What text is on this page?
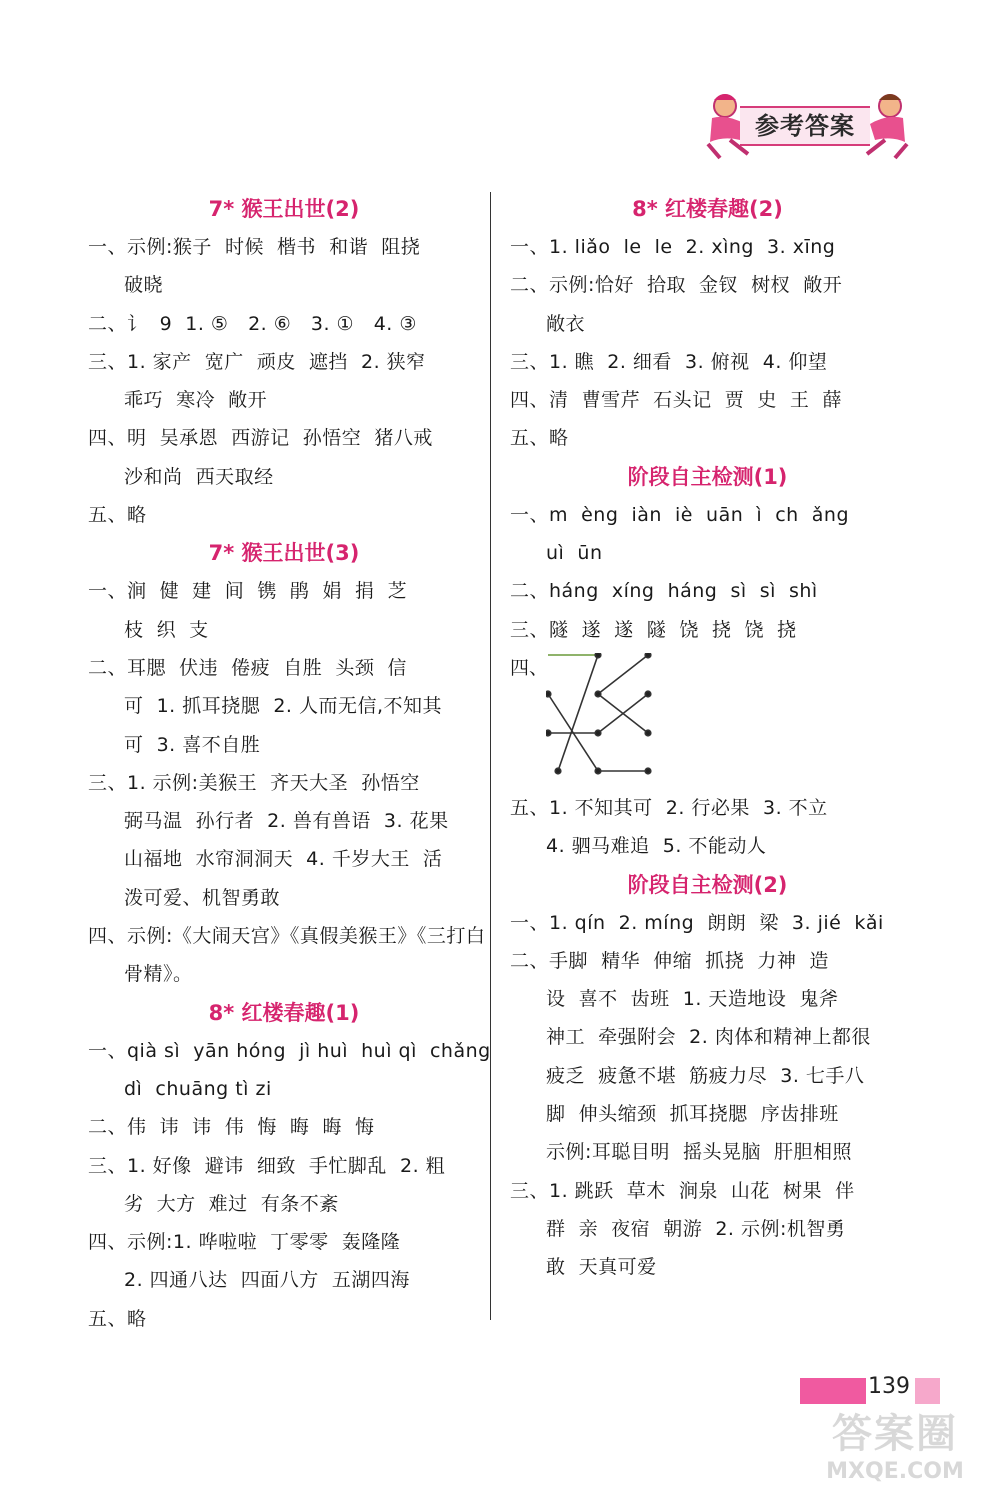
参考答案
7* 猴王出世(2)
一、示例:猴子  时候  楷书  和谐  阻挠
破晓
二、讠  9  1. ⑤   2. ⑥   3. ①   4. ③
三、1. 家产  宽广  顽皮  遮挡  2. 狭窄
乖巧  寒冷  敞开
四、明  吴承恩  西游记  孙悟空  猪八戒
沙和尚  西天取经
五、略
7* 猴王出世(3)
一、涧  健  建  间  镌  鹃  娟  捐  芝
枝  织  支
二、耳腮  伏违  倦疲  自胜  头颈  信
可  1. 抓耳挠腮  2. 人而无信,不知其
可  3. 喜不自胜
三、1. 示例:美猴王  齐天大圣  孙悟空
弼马温  孙行者  2. 兽有兽语  3. 花果
山福地  水帘洞洞天  4. 千岁大王  活
泼可爱、机智勇敢
四、示例:《大闹天宫》《真假美猴王》《三打白
骨精》。
8* 红楼春趣(1)
一、qià sì  yān hóng  jì huì  huì qì  chǎng
dì  chuāng tì zi
二、伟  讳  讳  伟  悔  晦  晦  悔
三、1. 好像  避讳  细致  手忙脚乱  2. 粗
劣  大方  难过  有条不紊
四、示例:1. 哗啦啦  丁零零  轰隆隆
2. 四通八达  四面八方  五湖四海
五、略
8* 红楼春趣(2)
一、1. liǎo  le  le  2. xìng  3. xīng
二、示例:恰好  拾取  金钗  树杈  敞开
敞衣
三、1. 瞧  2. 细看  3. 俯视  4. 仰望
四、清  曹雪芹  石头记  贾  史  王  薛
五、略
阶段自主检测(1)
一、m  èng  iàn  iè  uān  ì  ch  ǎng
uì  ūn
二、háng  xíng  háng  sì  sì  shì
三、隧  遂  遂  隧  饶  挠  饶  挠
四、
五、1. 不知其可  2. 行必果  3. 不立
4. 驷马难追  5. 不能动人
阶段自主检测(2)
一、1. qín  2. míng  朗朗  梁  3. jié  kǎi
二、手脚  精华  伸缩  抓挠  力神  造
设  喜不  齿班  1. 天造地设  鬼斧
神工  牵强附会  2. 肉体和精神上都很
疲乏  疲惫不堪  筋疲力尽  3. 七手八
脚  伸头缩颈  抓耳挠腮  序齿排班
示例:耳聪目明  摇头晃脑  肝胆相照
三、1. 跳跃  草木  涧泉  山花  树果  伴
群  亲  夜宿  朝游  2. 示例:机智勇
敢  天真可爱
139
答案圈
MXQE.COM
